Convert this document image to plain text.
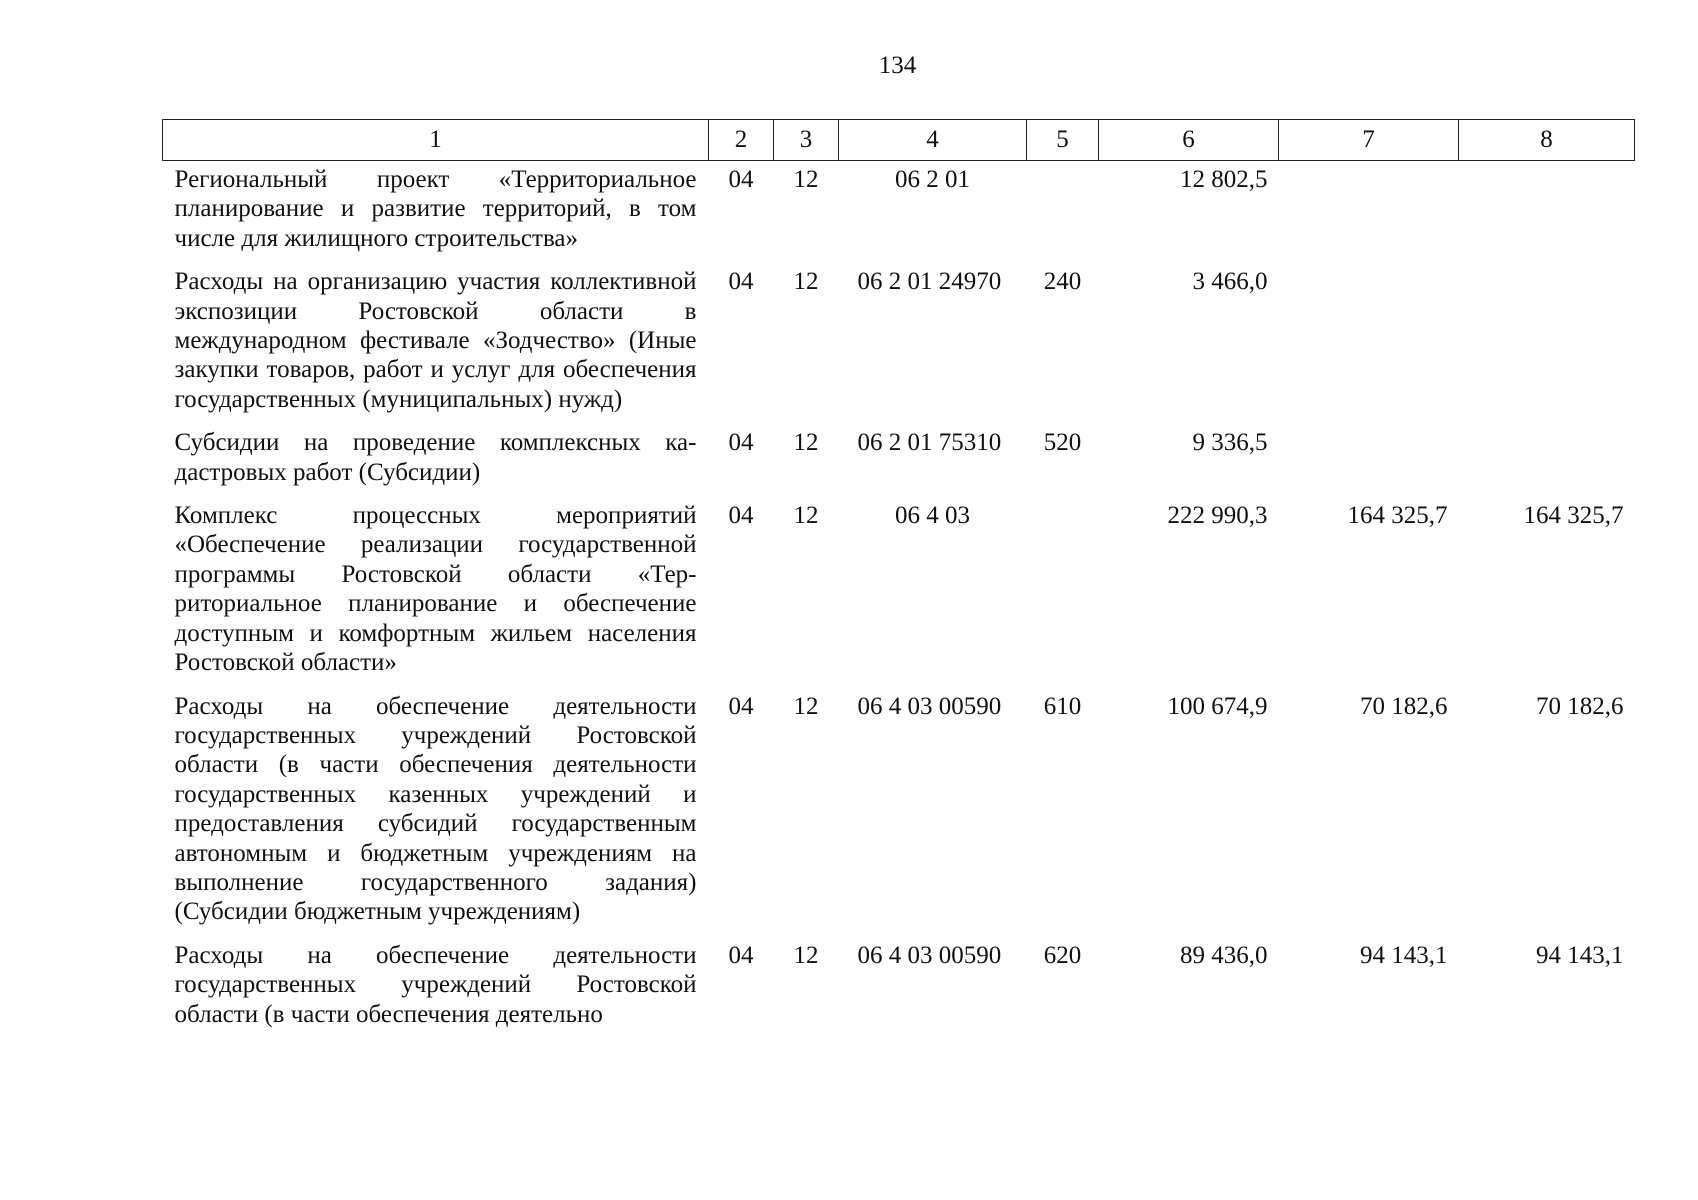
134
1	2	3	4	5	6	7	8
Региональный проект «Территориальное планирование и развитие территорий, в том числе для жилищного строительства»	04	12	06 2 01		12 802,5		
Расходы на организацию участия коллективной экспозиции Ростовской области в международном фестивале «Зодчество» (Иные закупки товаров, работ и услуг для обеспечения государственных (муниципальных) нужд)	04	12	06 2 01 24970	240	3 466,0		
Субсидии на проведение комплексных кадастровых работ (Субсидии)	04	12	06 2 01 75310	520	9 336,5		
Комплекс процессных мероприятий «Обеспечение реализации государственной программы Ростовской области «Территориальное планирование и обеспечение доступным и комфортным жильем населения Ростовской области»	04	12	06 4 03		222 990,3	164 325,7	164 325,7
Расходы на обеспечение деятельности государственных учреждений Ростовской области (в части обеспечения деятельности государственных казенных учреждений и предоставления субсидий государственным автономным и бюджетным учреждениям на выполнение государственного задания) (Субсидии бюджетным учреждениям)	04	12	06 4 03 00590	610	100 674,9	70 182,6	70 182,6
Расходы на обеспечение деятельности государственных учреждений Ростовской области (в части обеспечения деятельно	04	12	06 4 03 00590	620	89 436,0	94 143,1	94 143,1
